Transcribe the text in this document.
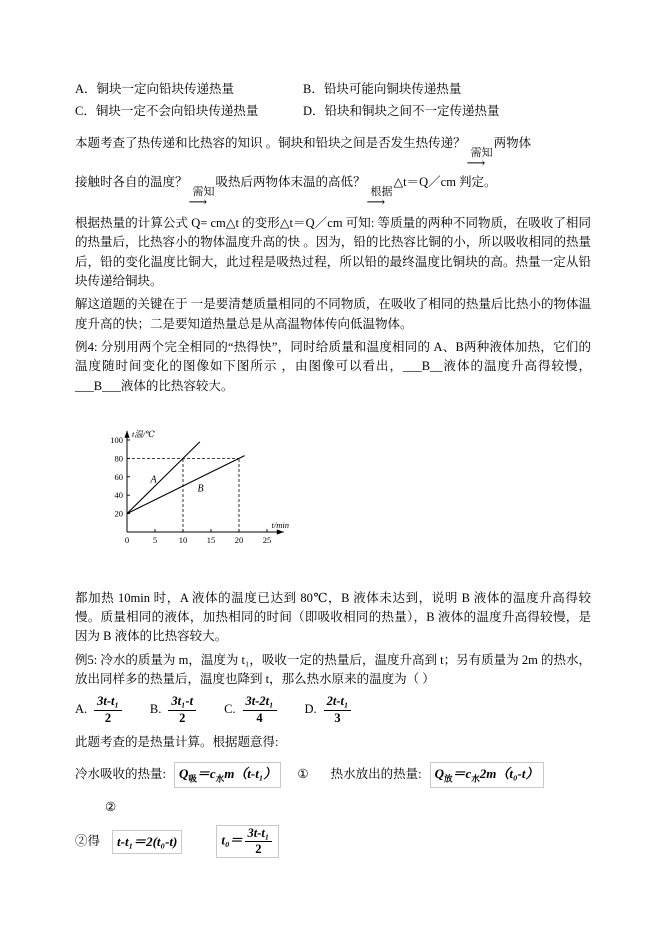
A．铜块一定向铅块传递热量	B．铅块可能向铜块传递热量
C．铜块一定不会向铅块传递热量	D．铅块和铜块之间不一定传递热量

本题考查了热传递和比热容的知识 。铜块和铅块之间是否发生热传递？
需知
⟶
两物体
接触时各自的温度？
需知
⟶
吸热后两物体末温的高低？
根据
⟶
△t＝Q／cm 判定。

根据热量的计算公式 Q= cm△t 的变形△t＝Q／cm 可知: 等质量的两种不同物质，在吸收了相同的热量后，比热容小的物体温度升高的快 。因为，铅的比热容比铜的小，所以吸收相同的热量后，铅的变化温度比铜大，此过程是吸热过程，所以铅的最终温度比铜块的高。热量一定从铅块传递给铜块。

解这道题的关键在于 一是要清楚质量相同的不同物质，在吸收了相同的热量后比热小的物体温度升高的快；二是要知道热量总是从高温物体传向低温物体。

例4: 分别用两个完全相同的“热得快”，同时给质量和温度相同的 A、B两种液体加热，它们的温度随时间变化的图像如下图所示 ，由图像可以看出，___B__液体的温度升高得较慢，___B___液体的比热容较大。

0	5	10 15 20 25
20
40
60
80
100
A
B
t温/℃
t/min

都加热 10min 时，A 液体的温度已达到 80℃，B 液体未达到，说明 B 液体的温度升高得较慢。质量相同的液体，加热相同的时间（即吸收相同的热量），B 液体的温度升高得较慢，是因为 B 液体的比热容较大。

例5: 冷水的质量为 m，温度为 t₁，吸收一定的热量后，温度升高到 t；另有质量为 2m 的热水，放出同样多的热量后，温度也降到 t，那么热水原来的温度为（ ）

A. $\frac{\text{3t-t₁}}{2} B$. $\frac{\text{3t₁-t}}{2} C$. $\frac{\text{3t-2t₁}}{4} D$. $\frac{\text{2t-t₁}}{3}$

此题考查的是热量计算。根据题意得:

冷水吸收的热量:	$Q_吸=c_水m(t-t_1)$	① 热水放出的热量:	$Q_放=c_水2m(t_0-t)$

②

②得	t-t₁＝2(t₀-t)	$t_0= \frac{\text{3t-t₁}}{2}$
